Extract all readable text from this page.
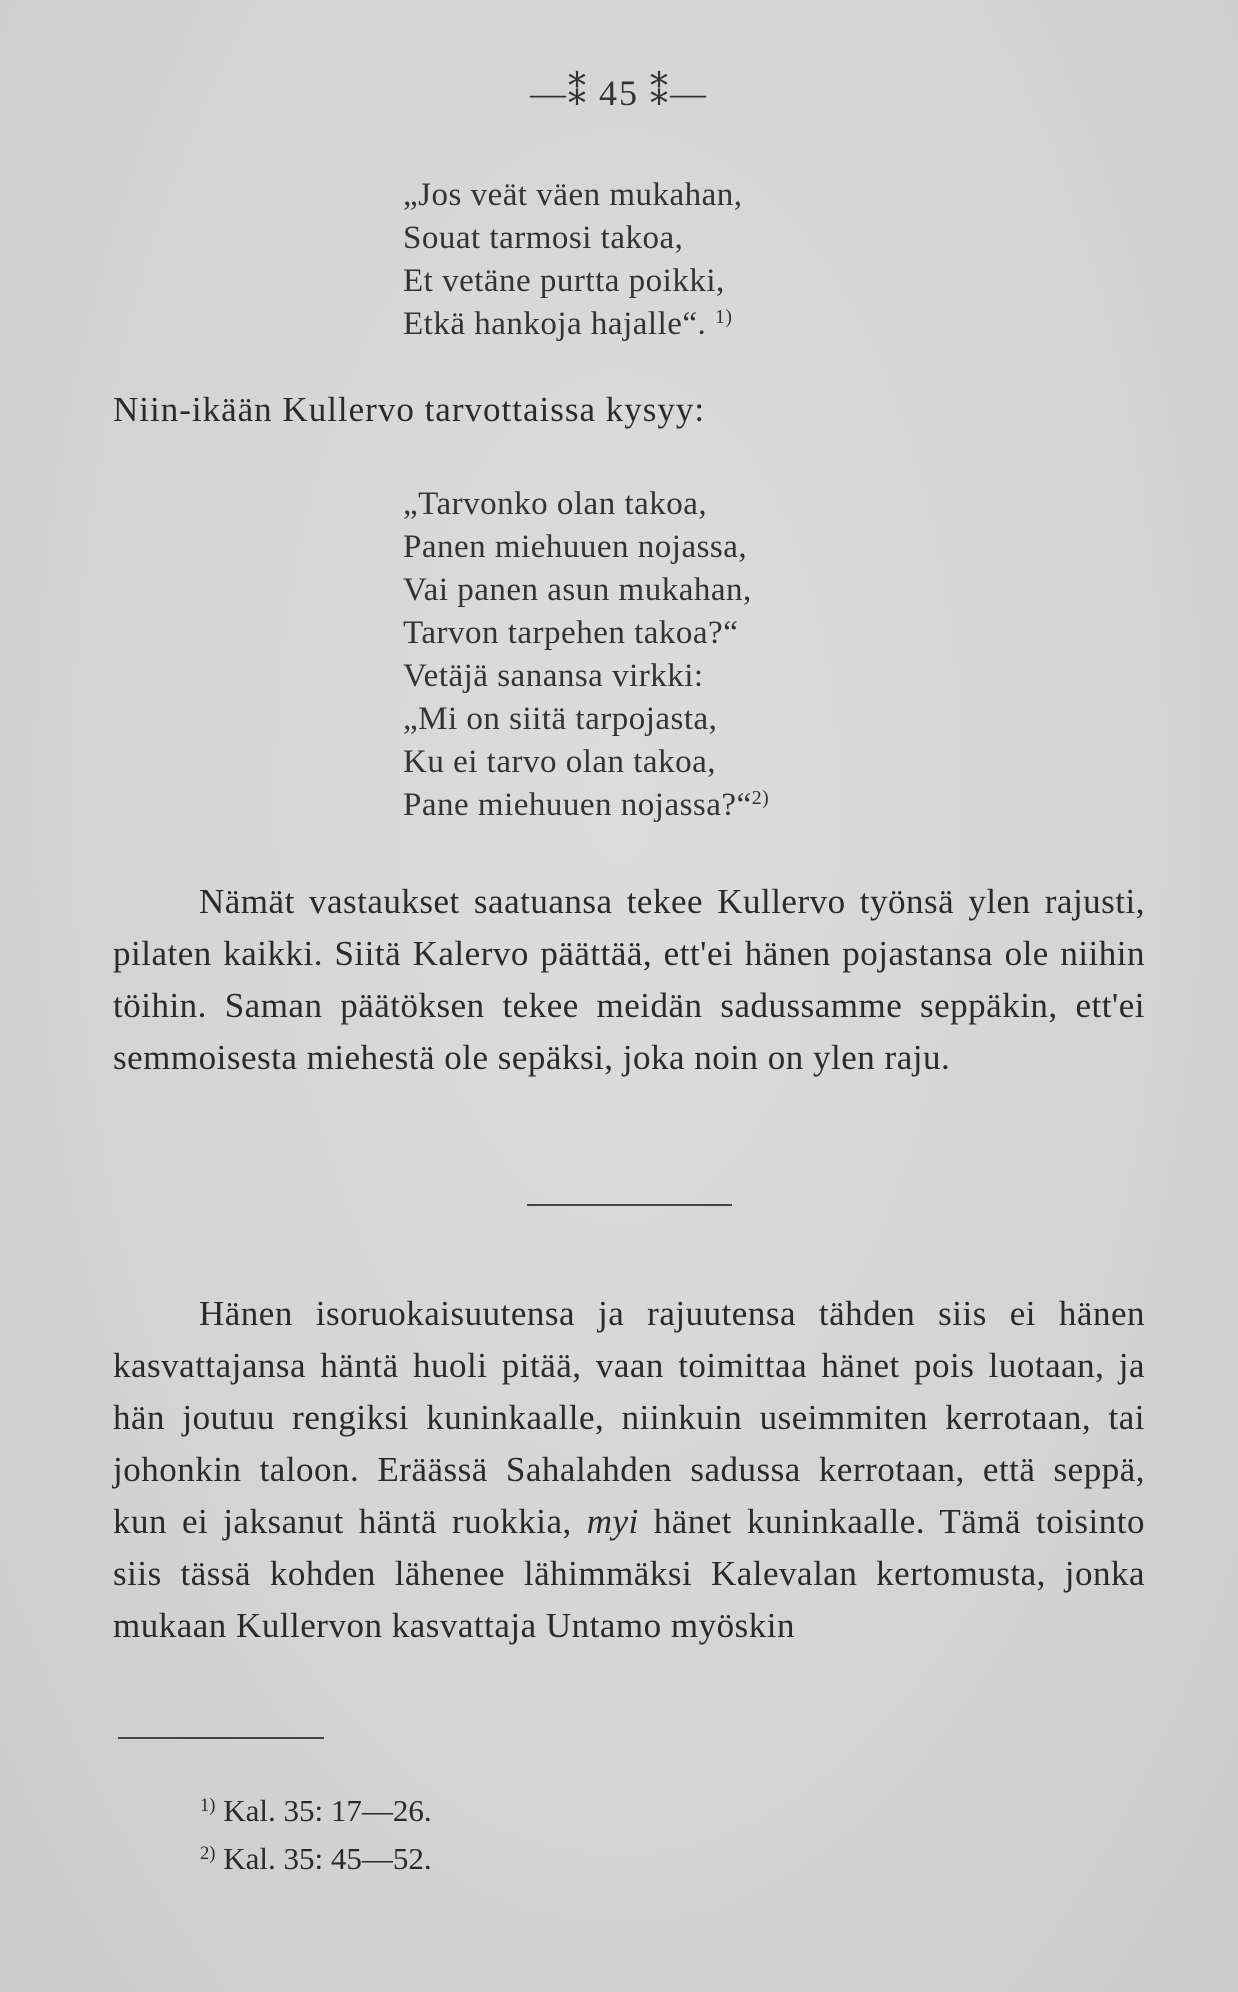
—⁑ 45 ⁑—
„Jos veät väen mukahan,
Souat tarmosi takoa,
Et vetäne purtta poikki,
Etkä hankoja hajalle“. $^{1)}$
Niin-ikään Kullervo tarvottaissa kysyy:
„Tarvonko olan takoa,
Panen miehuuen nojassa,
Vai panen asun mukahan,
Tarvon tarpehen takoa?“
Vetäjä sanansa virkki:
„Mi on siitä tarpojasta,
Ku ei tarvo olan takoa,
Pane miehuuen nojassa?“$^{2)}$
Nämät vastaukset saatuansa tekee Kullervo työnsä ylen rajusti, pilaten kaikki. Siitä Kalervo päättää, ett'ei hänen pojastansa ole niihin töihin. Saman päätöksen tekee meidän sadussamme seppäkin, ett'ei semmoisesta miehestä ole sepäksi, joka noin on ylen raju.
Hänen isoruokaisuutensa ja rajuutensa tähden siis ei hänen kasvattajansa häntä huoli pitää, vaan toimittaa hänet pois luotaan, ja hän joutuu rengiksi kuninkaalle, niinkuin useimmiten kerrotaan, tai johonkin taloon. Eräässä Sahalahden sadussa kerrotaan, että seppä, kun ei jaksanut häntä ruokkia, myi hänet kuninkaalle. Tämä toisinto siis tässä kohden lähenee lähimmäksi Kalevalan kertomusta, jonka mukaan Kullervon kasvattaja Untamo myöskin
$^{1)}$ Kal. 35: 17—26.
$^{2)}$ Kal. 35: 45—52.
